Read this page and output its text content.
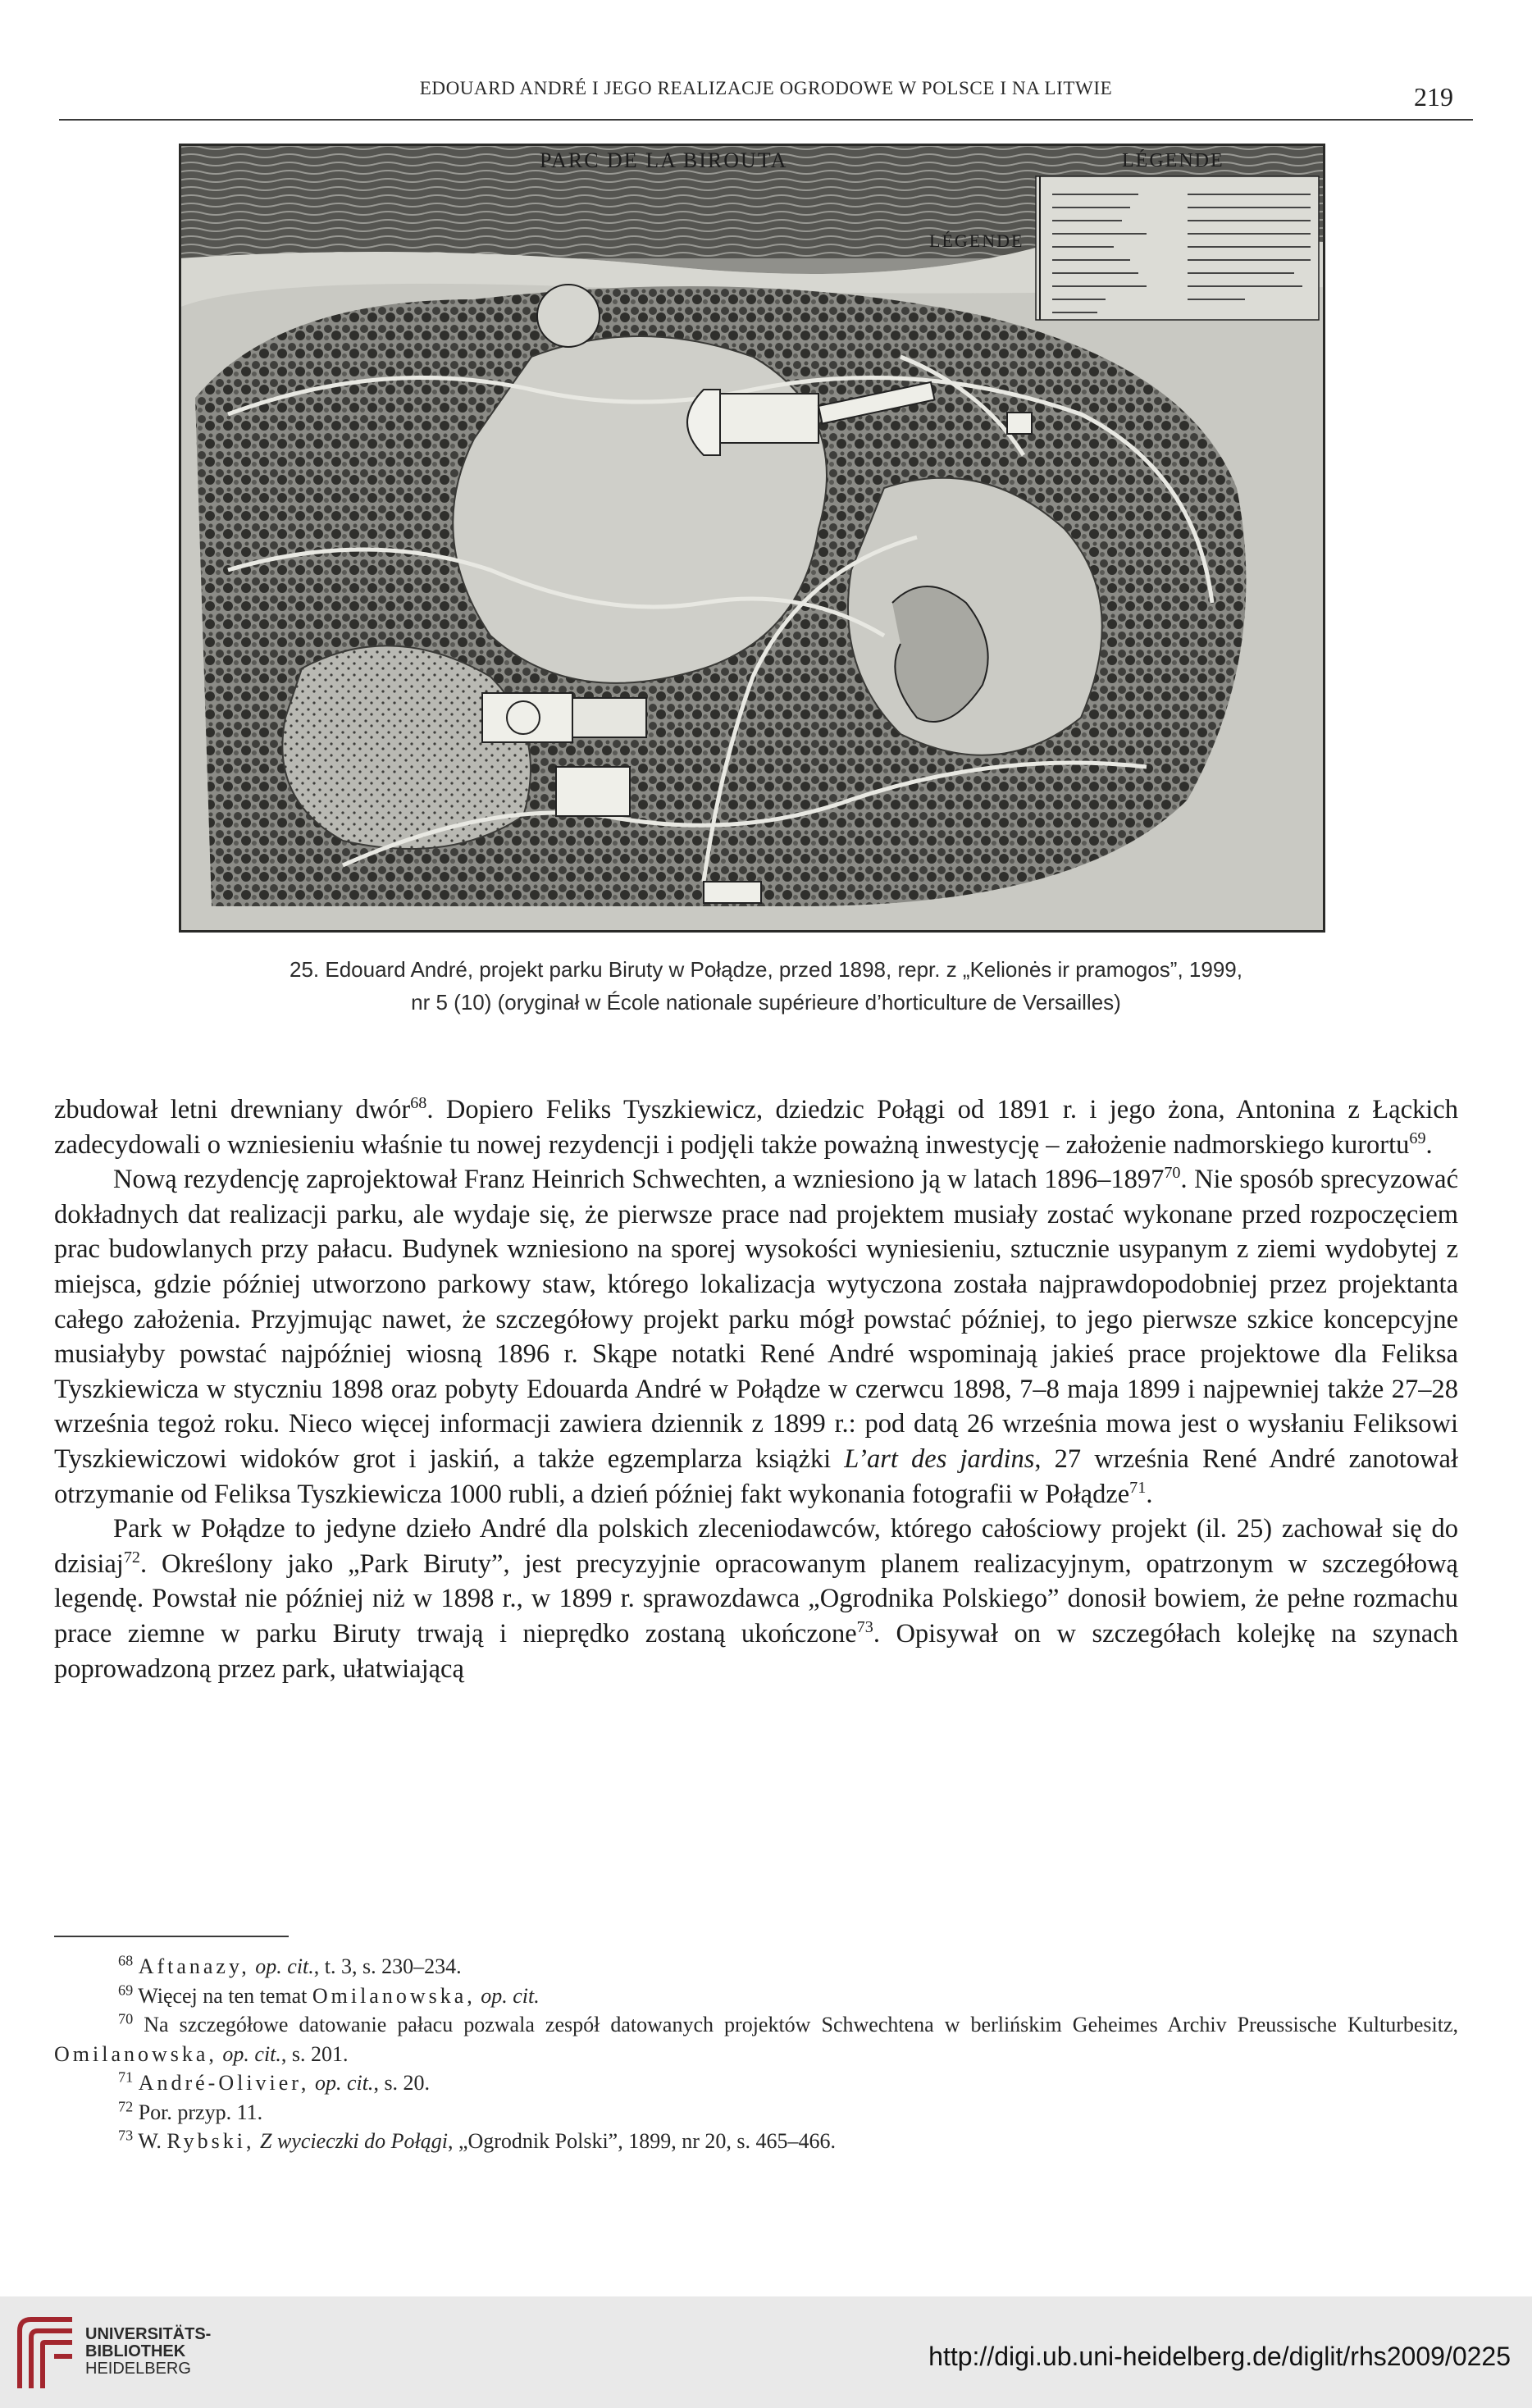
EDOUARD ANDRÉ I JEGO REALIZACJE OGRODOWE W POLSCE I NA LITWIE	219
PARC DE LA BIROUTA	LÉGENDE
LÉGENDE
25. Edouard André, projekt parku Biruty w Połądze, przed 1898, repr. z „Kelionės ir pramogos”, 1999,
nr 5 (10) (oryginał w École nationale supérieure d’horticulture de Versailles)

zbudował letni drewniany dwór$^{68}$. Dopiero Feliks Tyszkiewicz, dziedzic Połągi od 1891 r. i jego żona, Antonina z Łąckich zadecydowali o wzniesieniu właśnie tu nowej rezydencji i podjęli także poważną inwestycję – założenie nadmorskiego kurortu$^{69}$.

Nową rezydencję zaprojektował Franz Heinrich Schwechten, a wzniesiono ją w latach 1896–1897$^{70}$. Nie sposób sprecyzować dokładnych dat realizacji parku, ale wydaje się, że pierwsze prace nad projektem musiały zostać wykonane przed rozpoczęciem prac budowlanych przy pałacu. Budynek wzniesiono na sporej wysokości wyniesieniu, sztucznie usypanym z ziemi wydobytej z miejsca, gdzie później utworzono parkowy staw, którego lokalizacja wytyczona została najprawdopodobniej przez projektanta całego założenia. Przyjmując nawet, że szczegółowy projekt parku mógł powstać później, to jego pierwsze szkice koncepcyjne musiałyby powstać najpóźniej wiosną 1896 r. Skąpe notatki René André wspominają jakieś prace projektowe dla Feliksa Tyszkiewicza w styczniu 1898 oraz pobyty Edouarda André w Połądze w czerwcu 1898, 7–8 maja 1899 i najpewniej także 27–28 września tegoż roku. Nieco więcej informacji zawiera dziennik z 1899 r.: pod datą 26 września mowa jest o wysłaniu Feliksowi Tyszkiewiczowi widoków grot i jaskiń, a także egzemplarza książki L’art des jardins, 27 września René André zanotował otrzymanie od Feliksa Tyszkiewicza 1000 rubli, a dzień później fakt wykonania fotografii w Połądze$^{71}$.

Park w Połądze to jedyne dzieło André dla polskich zleceniodawców, którego całościowy projekt (il. 25) zachował się do dzisiaj$^{72}$. Określony jako „Park Biruty”, jest precyzyjnie opracowanym planem realizacyjnym, opatrzonym w szczegółową legendę. Powstał nie później niż w 1898 r., w 1899 r. sprawozdawca „Ogrodnika Polskiego” donosił bowiem, że pełne rozmachu prace ziemne w parku Biruty trwają i nieprędko zostaną ukończone$^{73}$. Opisywał on w szczegółach kolejkę na szynach poprowadzoną przez park, ułatwiającą

$^{68}$ Aftanazy, op. cit., t. 3, s. 230–234.

$^{69}$ Więcej na ten temat Omilanowska, op. cit.

$^{70}$ Na szczegółowe datowanie pałacu pozwala zespół datowanych projektów Schwechtena w berlińskim Geheimes Archiv Preussische Kulturbesitz, Omilanowska, op. cit., s. 201.

$^{71}$ André-Olivier, op. cit., s. 20.

$^{72}$ Por. przyp. 11.

$^{73}$ W. Rybski, Z wycieczki do Połągi, „Ogrodnik Polski”, 1899, nr 20, s. 465–466.

UNIVERSITÄTS-
BIBLIOTHEK
HEIDELBERG	http://digi.ub.uni-heidelberg.de/diglit/rhs2009/0225
